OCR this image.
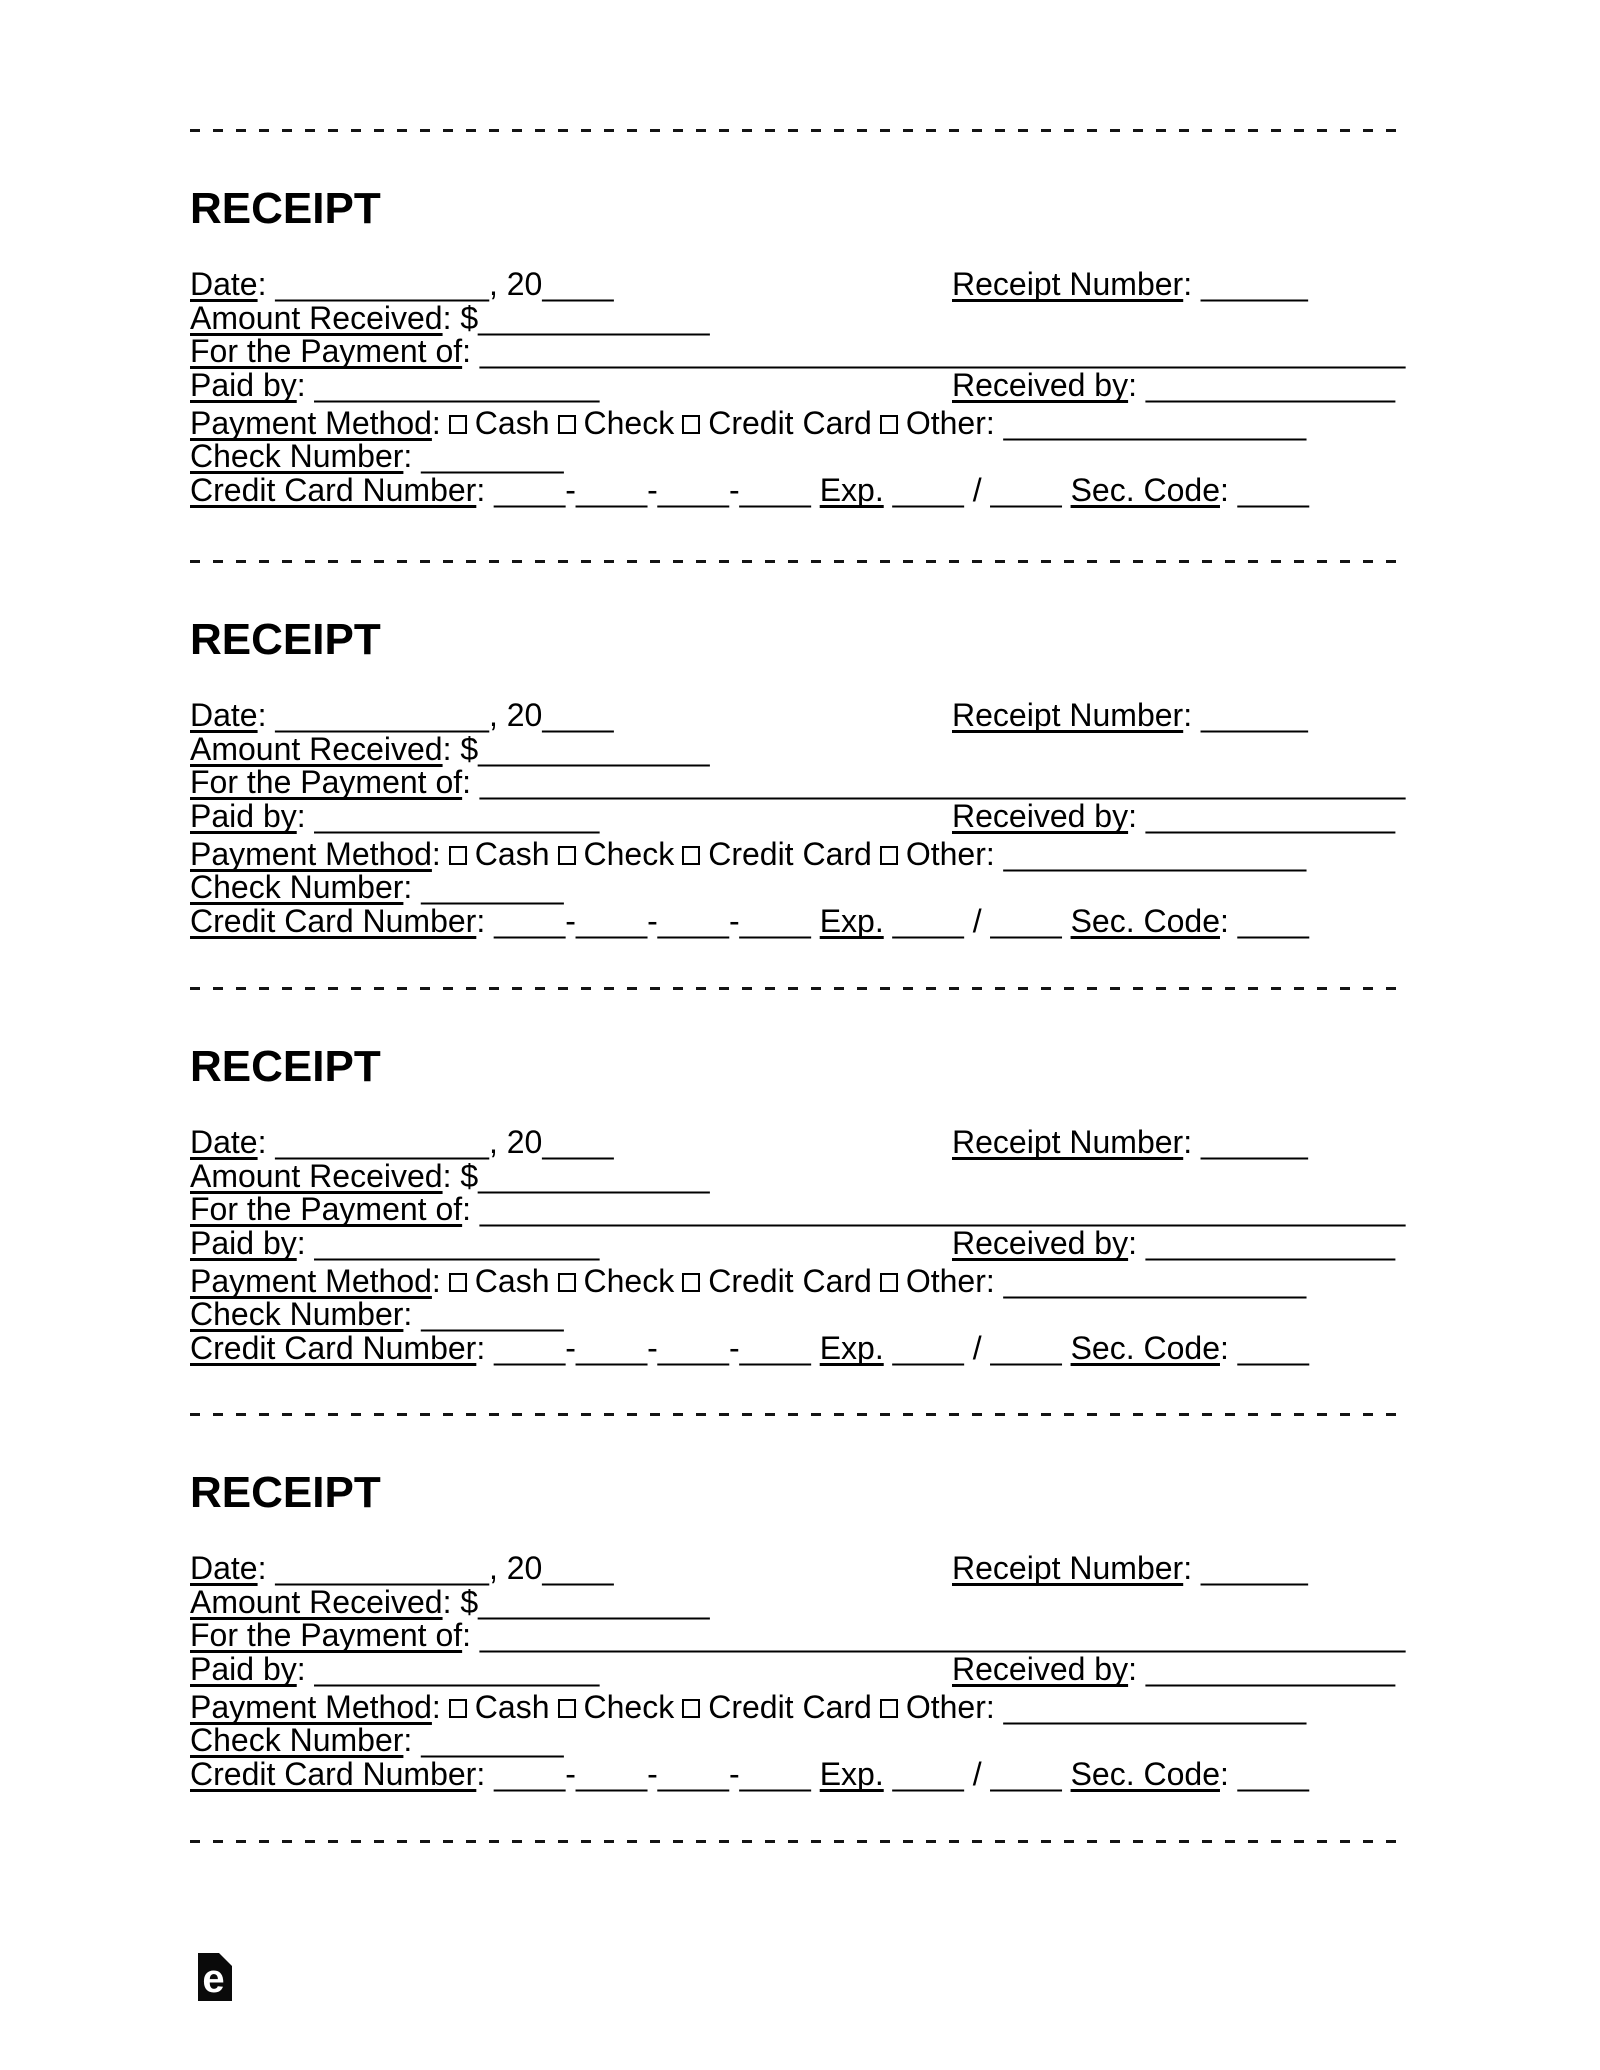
RECEIPT
Date: ____________, 20____	Receipt Number: ______
Amount Received: $_____________
For the Payment of: ____________________________________________________
Paid by: ________________	Received by: ______________
Payment Method: Cash Check Credit Card Other: _________________
Check Number: ________
Credit Card Number: ____-____-____-____ Exp. ____ / ____ Sec. Code: ____
RECEIPT
Date: ____________, 20____	Receipt Number: ______
Amount Received: $_____________
For the Payment of: ____________________________________________________
Paid by: ________________	Received by: ______________
Payment Method: Cash Check Credit Card Other: _________________
Check Number: ________
Credit Card Number: ____-____-____-____ Exp. ____ / ____ Sec. Code: ____
RECEIPT
Date: ____________, 20____	Receipt Number: ______
Amount Received: $_____________
For the Payment of: ____________________________________________________
Paid by: ________________	Received by: ______________
Payment Method: Cash Check Credit Card Other: _________________
Check Number: ________
Credit Card Number: ____-____-____-____ Exp. ____ / ____ Sec. Code: ____
RECEIPT
Date: ____________, 20____	Receipt Number: ______
Amount Received: $_____________
For the Payment of: ____________________________________________________
Paid by: ________________	Received by: ______________
Payment Method: Cash Check Credit Card Other: _________________
Check Number: ________
Credit Card Number: ____-____-____-____ Exp. ____ / ____ Sec. Code: ____
e
